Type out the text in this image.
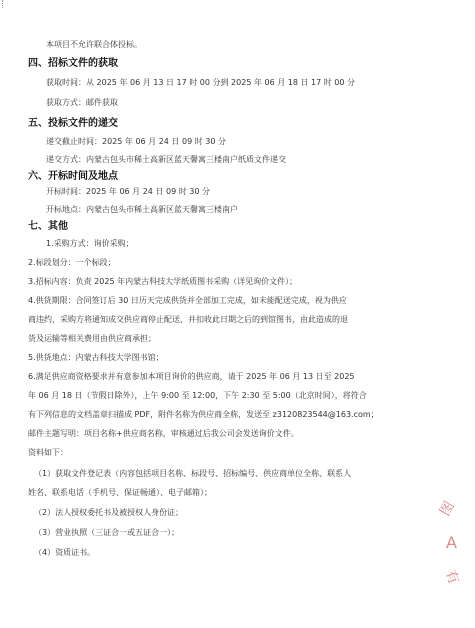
本项目不允许联合体投标。
四、招标文件的获取
获取时间：从 2025 年 06 月 13 日 17 时 00 分到 2025 年 06 月 18 日 17 时 00 分
获取方式：邮件获取
五、投标文件的递交
递交截止时间：2025 年 06 月 24 日 09 时 30 分
递交方式：内蒙古包头市稀土高新区蓝天馨寓三楼南户纸质文件递交
六、开标时间及地点
开标时间：2025 年 06 月 24 日 09 时 30 分
开标地点：内蒙古包头市稀土高新区蓝天馨寓三楼南户
七、其他
1.采购方式：询价采购；
2.标段划分：一个标段；
3.招标内容：负责 2025 年内蒙古科技大学纸质图书采购（详见询价文件）；
4.供货期限：合同签订后 30 日历天完成供货并全部加工完成，如未能配送完成，视为供应
商违约，采购方将通知成交供应商停止配送，并扣收此日期之后的到馆图书，由此造成的退
货及运输等相关费用由供应商承担；
5.供货地点：内蒙古科技大学图书馆；
6.满足供应商资格要求并有意参加本项目询价的供应商，请于 2025 年 06 月 13 日至 2025
年 06 月 18 日（节假日除外），上午 9:00 至 12:00，下午 2:30 至 5:00（北京时间），将符合
有下列信息的文档盖章扫描成 PDF，附件名称为供应商全称，发送至 z3120823544@163.com；
邮件主题写明：项目名称+供应商名称，审核通过后我公司会发送询价文件。
资料如下：
（1）获取文件登记表（内容包括项目名称、标段号、招标编号、供应商单位全称、联系人
姓名、联系电话（手机号、保证畅通）、电子邮箱）；
（2）法人授权委托书及被授权人身份证；
（3）营业执照（三证合一或五证合一）；
（4）资质证书。
图
A
有
